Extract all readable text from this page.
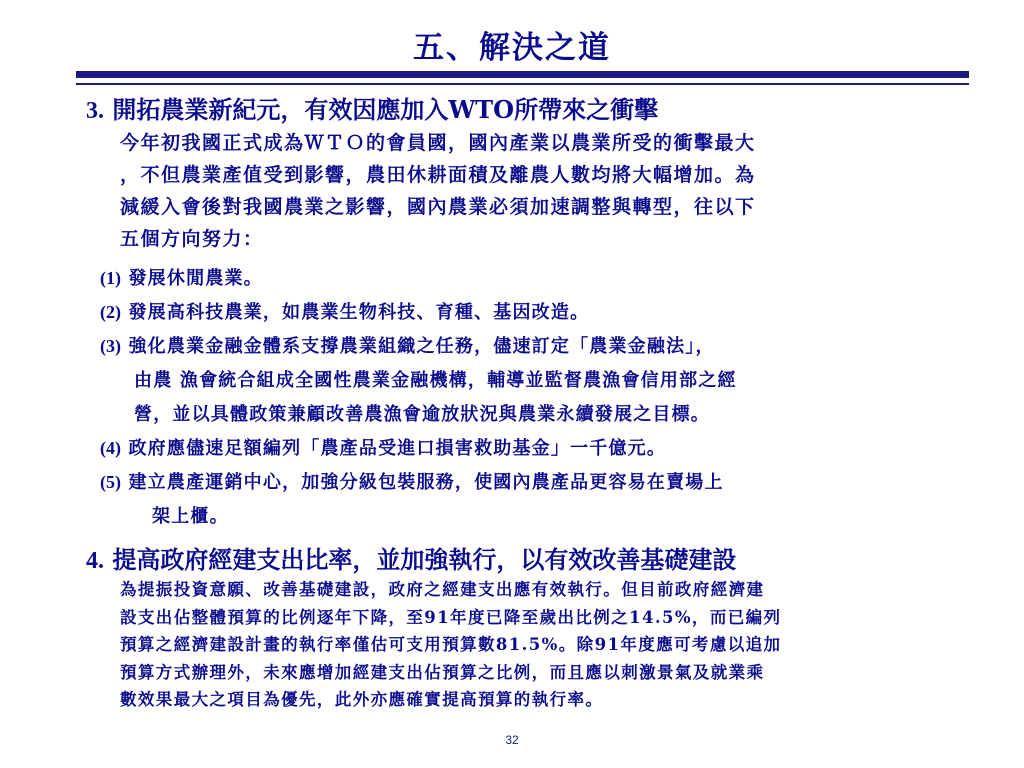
五、解決之道
3. 開拓農業新紀元，有效因應加入WTO所帶來之衝擊
今年初我國正式成為ＷＴＯ的會員國，國內產業以農業所受的衝擊最大
，不但農業產值受到影響，農田休耕面積及離農人數均將大幅增加。為
減緩入會後對我國農業之影響，國內農業必須加速調整與轉型，往以下
五個方向努力：
(1) 發展休閒農業。
(2) 發展高科技農業，如農業生物科技、育種、基因改造。
(3) 強化農業金融金體系支撐農業組織之任務，儘速訂定「農業金融法」，
由農 漁會統合組成全國性農業金融機構，輔導並監督農漁會信用部之經
營，並以具體政策兼顧改善農漁會逾放狀況與農業永續發展之目標。
(4) 政府應儘速足額編列「農產品受進口損害救助基金」一千億元。
(5) 建立農產運銷中心，加強分級包裝服務，使國內農產品更容易在賣場上
架上櫃。
4. 提高政府經建支出比率，並加強執行，以有效改善基礎建設
為提振投資意願、改善基礎建設，政府之經建支出應有效執行。但目前政府經濟建
設支出佔整體預算的比例逐年下降，至91年度已降至歲出比例之14.5%，而已編列
預算之經濟建設計畫的執行率僅估可支用預算數81.5%。除91年度應可考慮以追加
預算方式辦理外，未來應增加經建支出佔預算之比例，而且應以刺激景氣及就業乘
數效果最大之項目為優先，此外亦應確實提高預算的執行率。
32
